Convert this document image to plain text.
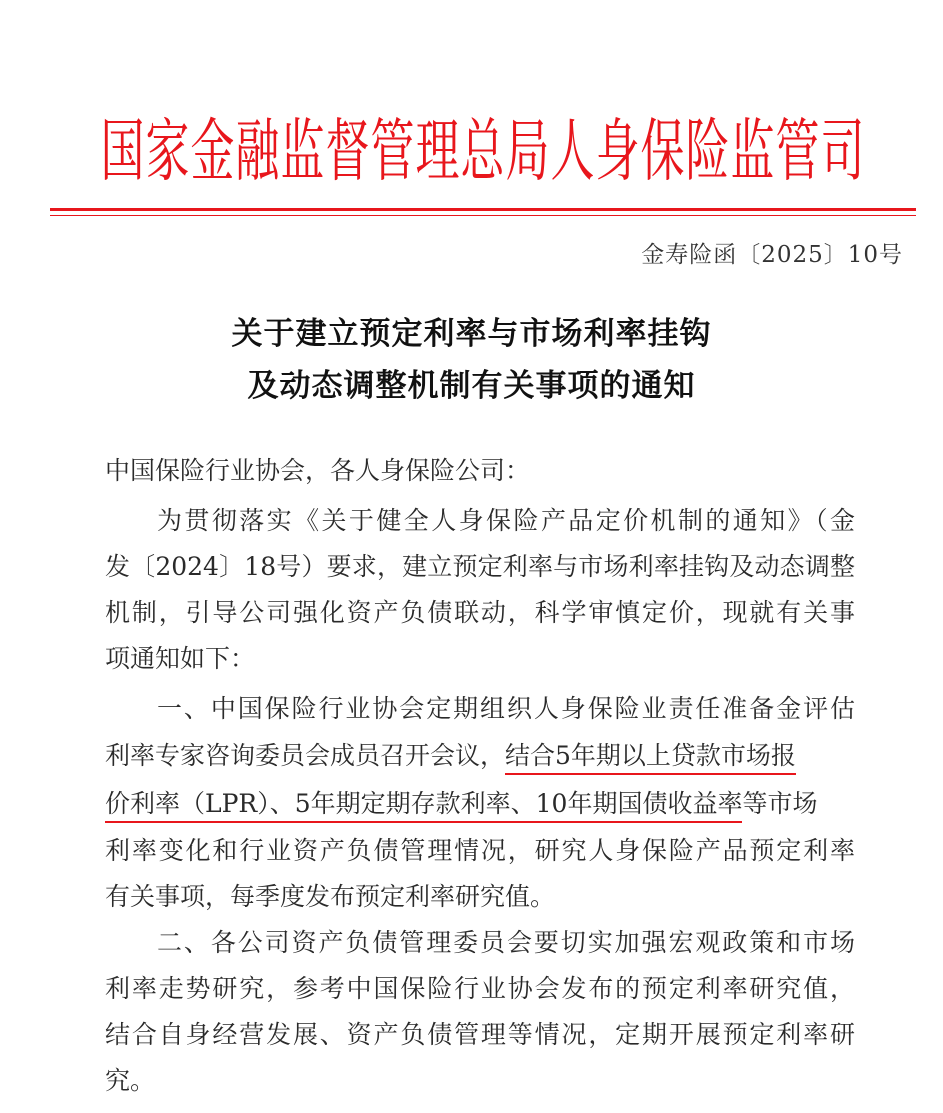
国家金融监督管理总局人身保险监管司
金寿险函〔2025〕10号
关于建立预定利率与市场利率挂钩
及动态调整机制有关事项的通知
中国保险行业协会，各人身保险公司：
为贯彻落实《关于健全人身保险产品定价机制的通知》（金
发〔2024〕18号）要求，建立预定利率与市场利率挂钩及动态调整
机制，引导公司强化资产负债联动，科学审慎定价，现就有关事
项通知如下：
一、中国保险行业协会定期组织人身保险业责任准备金评估
利率专家咨询委员会成员召开会议，结合5年期以上贷款市场报
价利率（LPR）、5年期定期存款利率、10年期国债收益率等市场
利率变化和行业资产负债管理情况，研究人身保险产品预定利率
有关事项，每季度发布预定利率研究值。
二、各公司资产负债管理委员会要切实加强宏观政策和市场
利率走势研究，参考中国保险行业协会发布的预定利率研究值，
结合自身经营发展、资产负债管理等情况，定期开展预定利率研
究。
